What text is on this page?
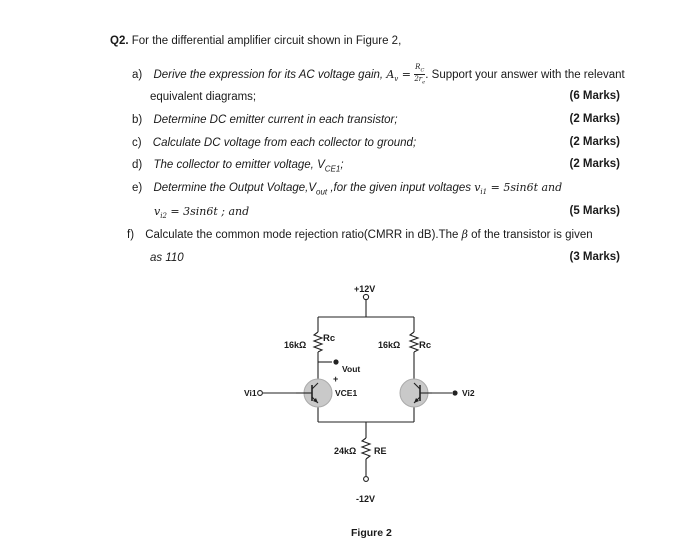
Q2. For the differential amplifier circuit shown in Figure 2,
a) Derive the expression for its AC voltage gain, $A_v = \frac{R_C}{2r_e}$ . Support your answer with the relevant
equivalent diagrams;	(6 Marks)
b) Determine DC emitter current in each transistor;	(2 Marks)
c) Calculate DC voltage from each collector to ground;	(2 Marks)
d) The collector to emitter voltage, $V_{CE1}$;	(2 Marks)
e) Determine the Output $Voltage,V_{out}$ ,for the given input voltages $v_{i1} = 5\sin 6t$ and
$v_{i2} = 3\sin 6t$ ; and	(5 Marks)
f) Calculate the common mode rejection ratio(CMRR in dB).The β of the transistor is given
as 110	(3 Marks)
+12V
16kΩ
Rc
16kΩ Rc
Vout
+
VCE1
Vi1	Vi2
24kΩ RE
-12V
Figure 2
